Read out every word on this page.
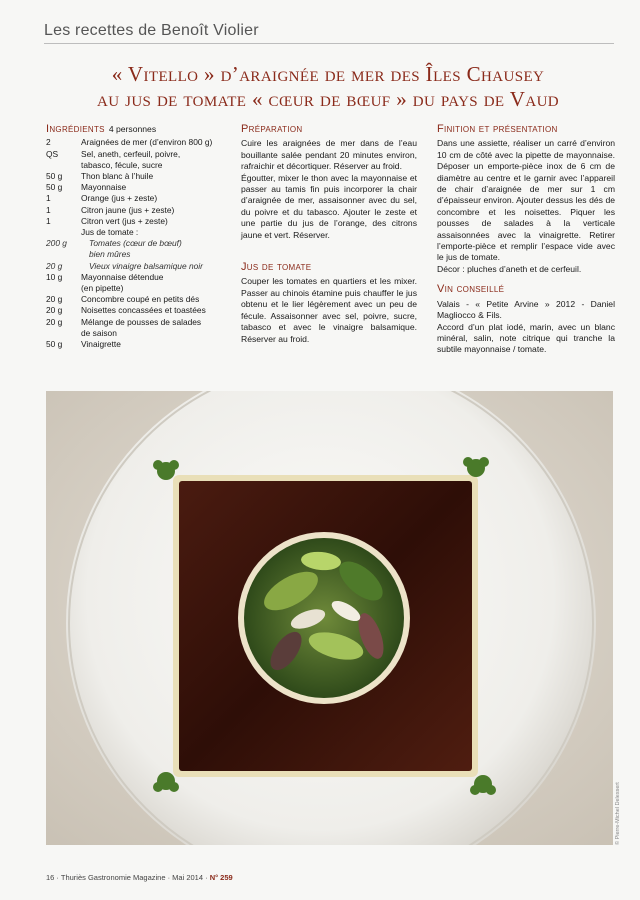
Les recettes de Benoît Violier
« Vitello » d’araignée de mer des Îles Chausey
au jus de tomate « cœur de bœuf » du pays de Vaud
Ingrédients 4 personnes
2	Araignées de mer (d’environ 800 g)
QS	Sel, aneth, cerfeuil, poivre,
	tabasco, fécule, sucre
50 g	Thon blanc à l’huile
50 g	Mayonnaise
1	Orange (jus + zeste)
1	Citron jaune (jus + zeste)
1	Citron vert (jus + zeste)
	Jus de tomate :
200 g	Tomates (cœur de bœuf)
	bien mûres
20 g	Vieux vinaigre balsamique noir
10 g	Mayonnaise détendue
	(en pipette)
20 g	Concombre coupé en petits dés
20 g	Noisettes concassées et toastées
20 g	Mélange de pousses de salades
	de saison
50 g	Vinaigrette
Préparation

Cuire les araignées de mer dans de l’eau bouillante salée pendant 20 minutes environ, rafraichir et décortiquer. Réserver au froid.

Égoutter, mixer le thon avec la mayonnaise et passer au tamis fin puis incorporer la chair d’araignée de mer, assaisonner avec du sel, du poivre et du tabasco. Ajouter le zeste et une partie du jus de l’orange, des citrons jaune et vert. Réserver.

Jus de tomate

Couper les tomates en quartiers et les mixer. Passer au chinois étamine puis chauffer le jus obtenu et le lier légèrement avec un peu de fécule. Assaisonner avec sel, poivre, sucre, tabasco et avec le vinaigre balsamique. Réserver au froid.

Finition et présentation

Dans une assiette, réaliser un carré d’environ 10 cm de côté avec la pipette de mayonnaise. Déposer un emporte-pièce inox de 6 cm de diamètre au centre et le garnir avec l’appareil de chair d’araignée de mer sur 1 cm d’épaisseur environ. Ajouter dessus les dés de concombre et les noisettes. Piquer les pousses de salades à la verticale assaisonnées avec la vinaigrette. Retirer l’emporte-pièce et remplir l’espace vide avec le jus de tomate.

Décor : pluches d’aneth et de cerfeuil.

Vin conseillé

Valais - « Petite Arvine » 2012 - Daniel Magliocco & Fils.

Accord d’un plat iodé, marin, avec un blanc minéral, salin, note citrique qui tranche la subtile mayonnaise / tomate.

© Pierre-Michel Delessert
16 · Thuriès Gastronomie Magazine · Mai 2014 · N° 259
